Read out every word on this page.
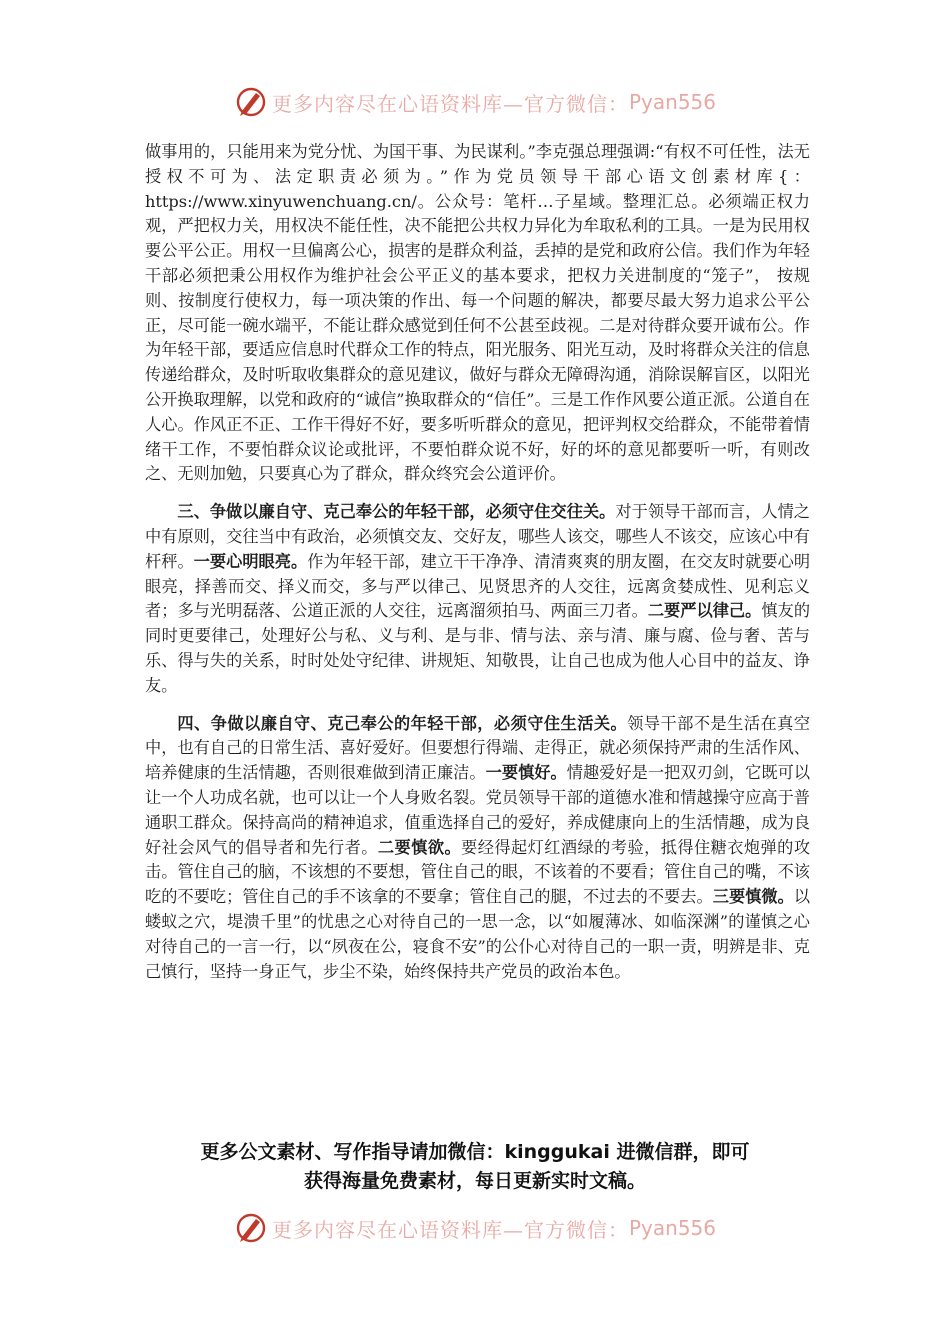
更多内容尽在心语资料库—官方微信： Pyan556

做事用的，只能用来为党分忧、为国干事、为民谋利。”李克强总理强调:“有权不可任性，法无授权不可为、法定职责必须为。”作为党员领导干部心语文创素材库{：https://www.xinyuwenchuang.cn/。公众号：笔杆…子星域。整理汇总。必须端正权力观，严把权力关，用权决不能任性，决不能把公共权力异化为牟取私利的工具。一是为民用权要公平公正。用权一旦偏离公心，损害的是群众利益，丢掉的是党和政府公信。我们作为年轻干部必须把秉公用权作为维护社会公平正义的基本要求，把权力关进制度的“笼子”， 按规则、按制度行使权力，每一项决策的作出、每一个问题的解决，都要尽最大努力追求公平公正，尽可能一碗水端平，不能让群众感觉到任何不公甚至歧视。二是对待群众要开诚布公。作为年轻干部，要适应信息时代群众工作的特点，阳光服务、阳光互动，及时将群众关注的信息传递给群众，及时听取收集群众的意见建议，做好与群众无障碍沟通，消除误解盲区，以阳光公开换取理解，以党和政府的“诚信”换取群众的“信任”。三是工作作风要公道正派。公道自在人心。作风正不正、工作干得好不好，要多听听群众的意见，把评判权交给群众，不能带着情绪干工作，不要怕群众议论或批评，不要怕群众说不好，好的坏的意见都要听一听，有则改之、无则加勉，只要真心为了群众，群众终究会公道评价。

三、争做以廉自守、克己奉公的年轻干部，必须守住交往关。对于领导干部而言，人情之中有原则，交往当中有政治，必须慎交友、交好友，哪些人该交，哪些人不该交，应该心中有杆秤。一要心明眼亮。作为年轻干部，建立干干净净、清清爽爽的朋友圈，在交友时就要心明眼亮，择善而交、择义而交，多与严以律己、见贤思齐的人交往，远离贪婪成性、见利忘义者；多与光明磊落、公道正派的人交往，远离溜须拍马、两面三刀者。二要严以律己。慎友的同时更要律己，处理好公与私、义与利、是与非、情与法、亲与清、廉与腐、俭与奢、苦与乐、得与失的关系，时时处处守纪律、讲规矩、知敬畏，让自己也成为他人心目中的益友、诤友。

四、争做以廉自守、克己奉公的年轻干部，必须守住生活关。领导干部不是生活在真空中，也有自己的日常生活、喜好爱好。但要想行得端、走得正，就必须保持严肃的生活作风、培养健康的生活情趣，否则很难做到清正廉洁。一要慎好。情趣爱好是一把双刃剑，它既可以让一个人功成名就，也可以让一个人身败名裂。党员领导干部的道德水准和情越操守应高于普通职工群众。保持高尚的精神追求，值重选择自己的爱好，养成健康向上的生活情趣，成为良好社会风气的倡导者和先行者。二要慎欲。要经得起灯红酒绿的考验，抵得住糖衣炮弹的攻击。管住自己的脑，不该想的不要想，管住自己的眼，不该着的不要看；管住自己的嘴，不该吃的不要吃；管住自己的手不该拿的不要拿；管住自己的腿，不过去的不要去。三要慎微。以蝼蚁之穴，堤溃千里”的忧患之心对待自己的一思一念，以“如履薄冰、如临深渊”的谨慎之心对待自己的一言一行，以“夙夜在公，寝食不安”的公仆心对待自己的一职一责，明辨是非、克己慎行，坚持一身正气，步尘不染，始终保持共产党员的政治本色。

更多公文素材、写作指导请加微信：kinggukai 进微信群，即可
获得海量免费素材，每日更新实时文稿。
更多内容尽在心语资料库—官方微信： Pyan556
